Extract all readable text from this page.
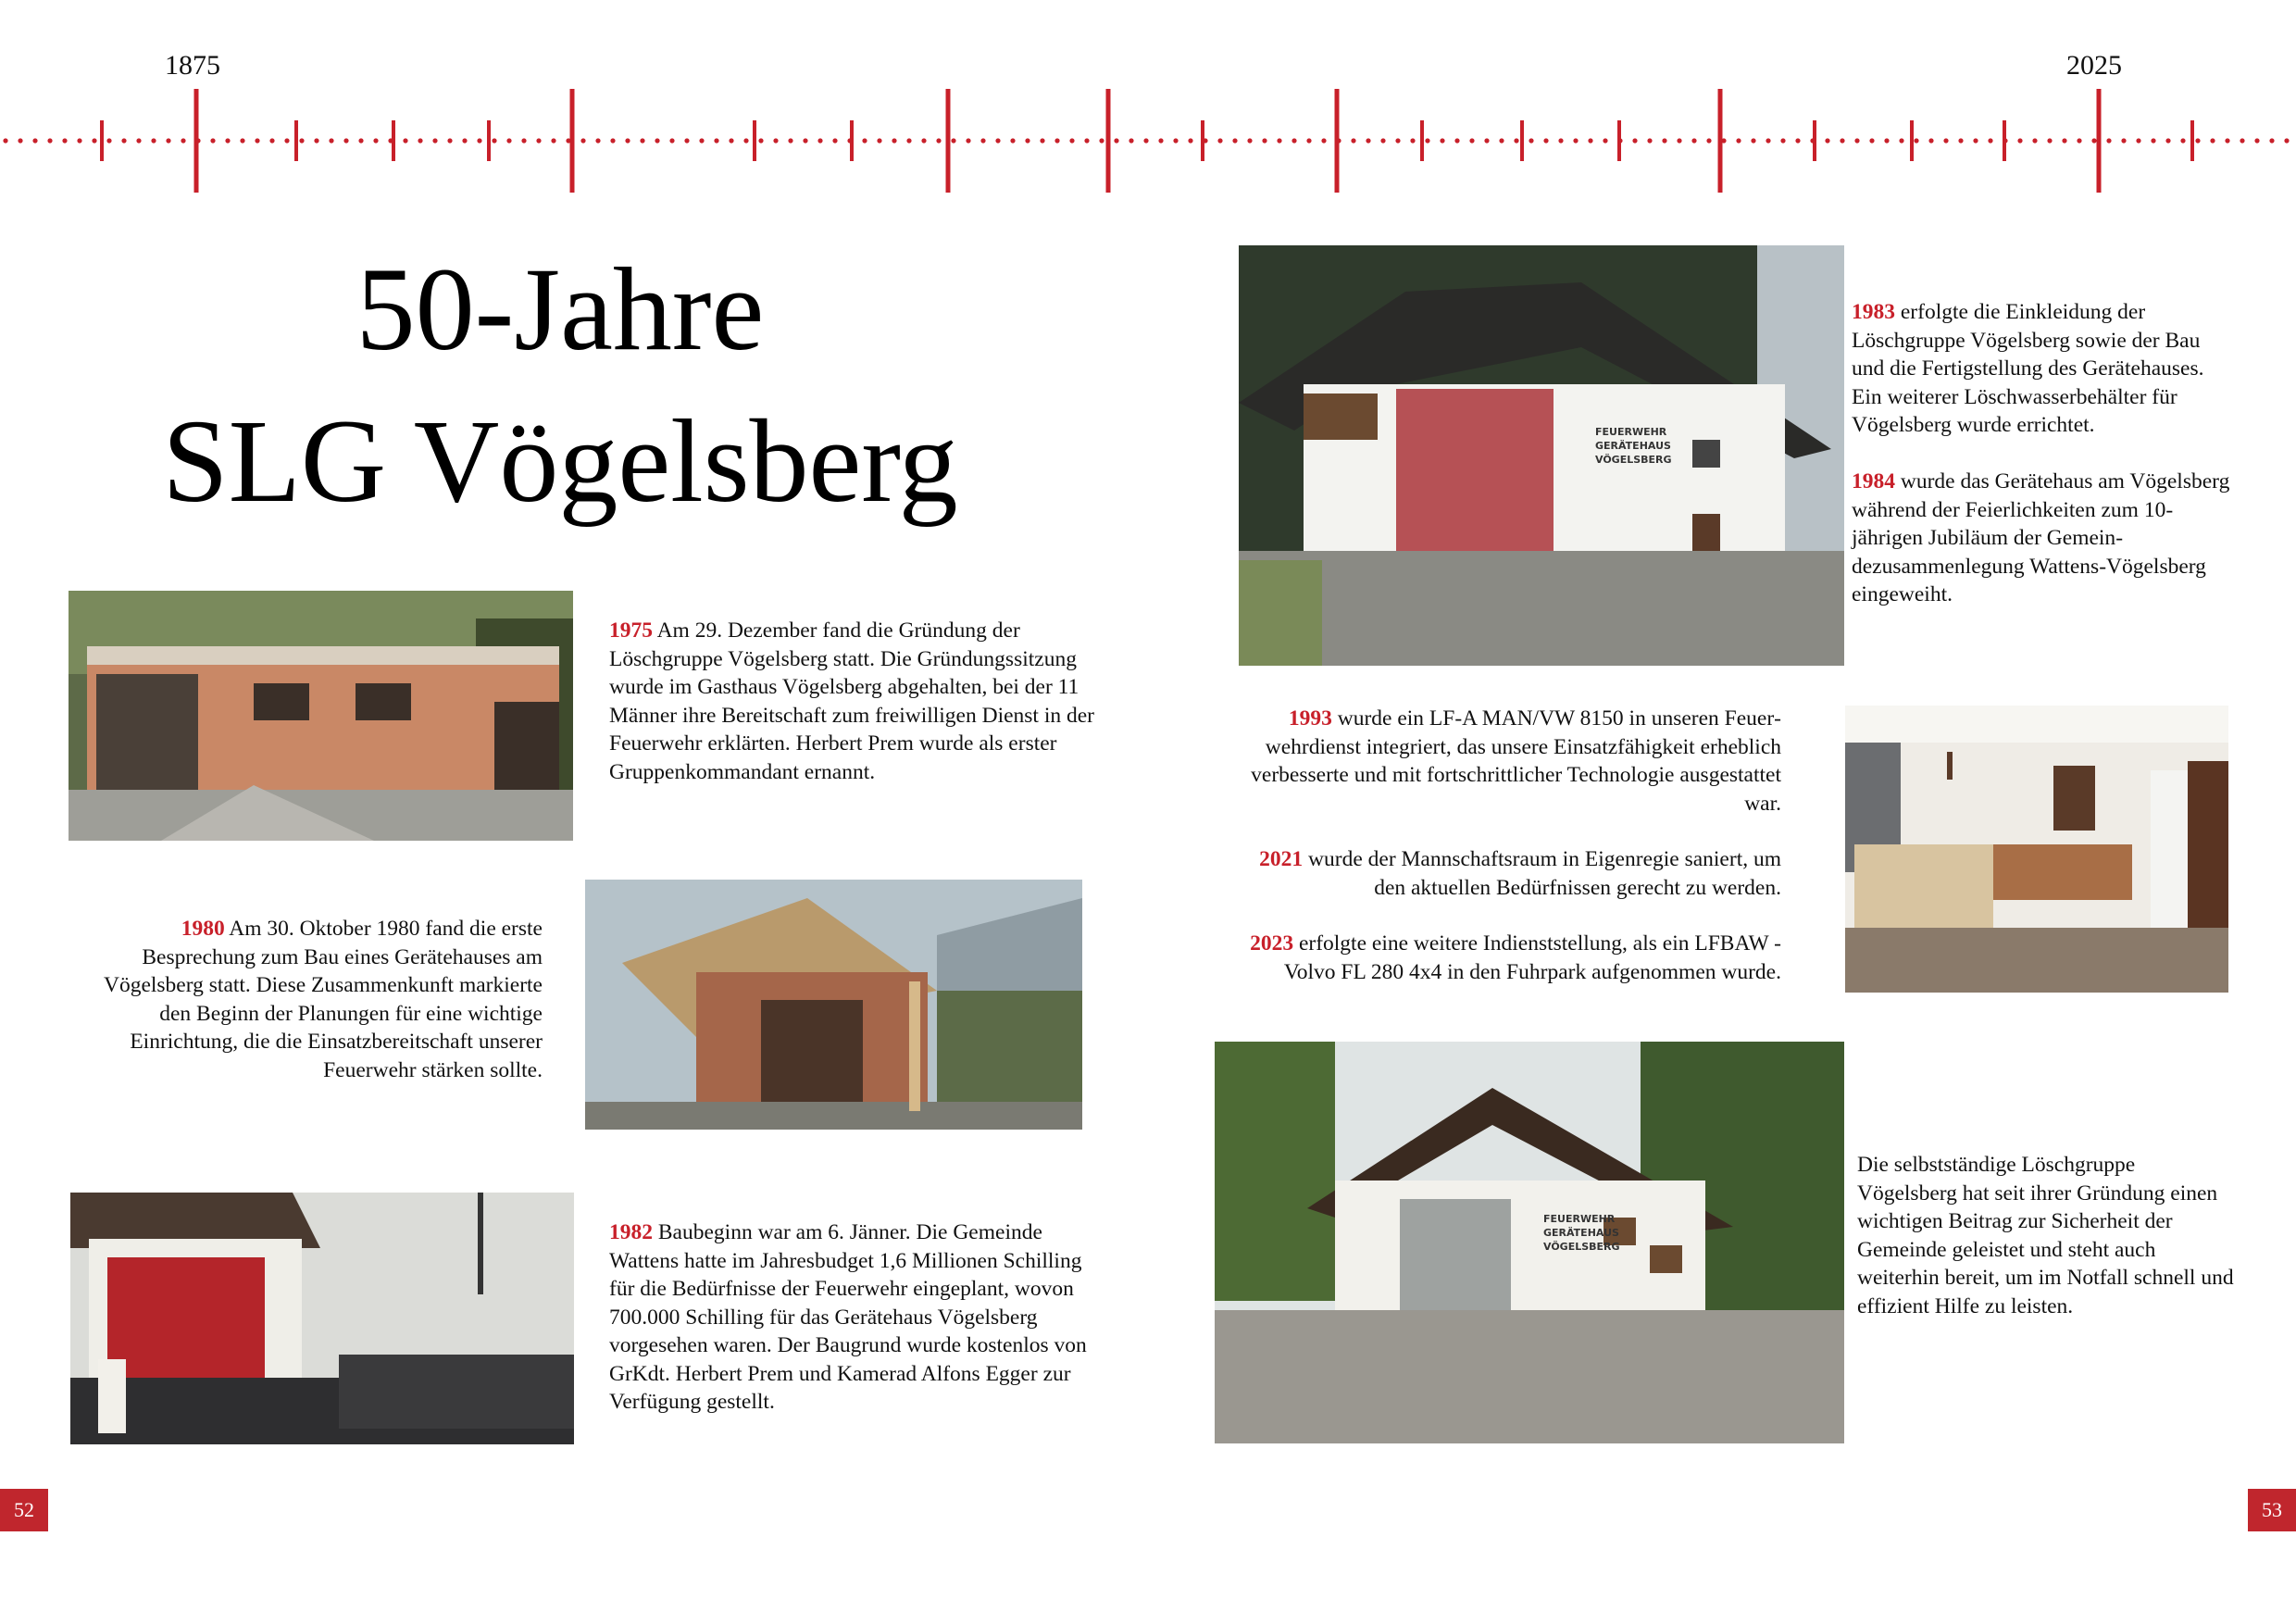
1875	2025
50-Jahre
SLG Vögelsberg

1975 Am 29. Dezember fand die Gründung der Löschgruppe Vögelsberg statt. Die Gründungssitzung wurde im Gasthaus Vögelsberg abgehalten, bei der 11 Männer ihre Bereitschaft zum freiwilligen Dienst in der Feuerwehr erklärten. Herbert Prem wurde als erster Gruppenkommandant ernannt.

1980 Am 30. Oktober 1980 fand die erste Besprechung zum Bau eines Gerätehauses am Vögelsberg statt. Diese Zusammenkunft markierte den Beginn der Planungen für eine wichtige Einrichtung, die die Einsatzbereitschaft unserer Feuerwehr stärken sollte.

1982 Baubeginn war am 6. Jänner. Die Gemeinde Wattens hatte im Jahresbudget 1,6 Millionen Schilling für die Bedürfnisse der Feuerwehr eingeplant, wovon 700.000 Schilling für das Gerätehaus Vögelsberg vorgesehen waren. Der Baugrund wurde kostenlos von GrKdt. Herbert Prem und Kamerad Alfons Egger zur Verfügung gestellt.

FEUERWEHR
GERÄTEHAUS
VÖGELSBERG

1983 erfolgte die Einkleidung der Löschgruppe Vögelsberg sowie der Bau und die Fertigstellung des Gerätehauses. Ein weiterer Löschwasserbehälter für Vögelsberg wurde errichtet.

1984 wurde das Gerätehaus am Vögelsberg während der Feierlichkeiten zum 10-jährigen Jubiläum der Gemeindezusammenlegung Wattens-Vögelsberg eingeweiht.

1993 wurde ein LF-A MAN/VW 8150 in unseren Feuerwehrdienst integriert, das unsere Einsatzfähigkeit erheblich verbesserte und mit fortschrittlicher Technologie ausgestattet war.

2021 wurde der Mannschaftsraum in Eigenregie saniert, um den aktuellen Bedürfnissen gerecht zu werden.

2023 erfolgte eine weitere Indienststellung, als ein LFBAW - Volvo FL 280 4x4 in den Fuhrpark aufgenommen wurde.

FEUERWEHR
GERÄTEHAUS
VÖGELSBERG

Die selbstständige Löschgruppe Vögelsberg hat seit ihrer Gründung einen wichtigen Beitrag zur Sicherheit der Gemeinde geleistet und steht auch weiterhin bereit, um im Notfall schnell und effizient Hilfe zu leisten.

52	53
